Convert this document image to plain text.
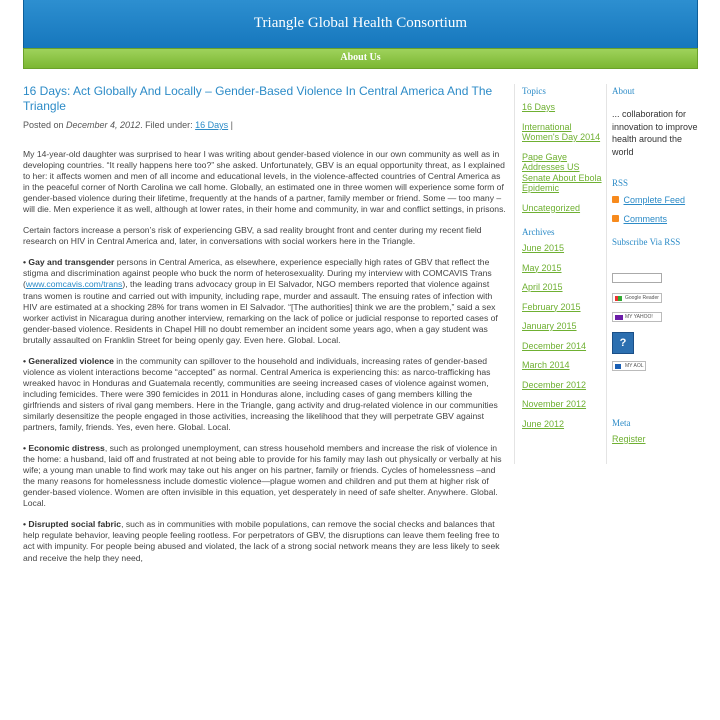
Triangle Global Health Consortium
About Us
16 Days: Act Globally And Locally – Gender-Based Violence In Central America And The Triangle
Posted on December 4, 2012. Filed under: 16 Days |

My 14-year-old daughter was surprised to hear I was writing about gender-based violence in our own community as well as in developing countries. “It really happens here too?” she asked. Unfortunately, GBV is an equal opportunity threat, as I explained to her: it affects women and men of all income and educational levels, in the violence-affected countries of Central America as in the peaceful corner of North Carolina we call home. Globally, an estimated one in three women will experience some form of gender-based violence during their lifetime, frequently at the hands of a partner, family member or friend. Some — too many –will die. Men experience it as well, although at lower rates, in their home and community, in war and conflict settings, in prisons.

Certain factors increase a person’s risk of experiencing GBV, a sad reality brought front and center during my recent field research on HIV in Central America and, later, in conversations with social workers here in the Triangle.

• Gay and transgender persons in Central America, as elsewhere, experience especially high rates of GBV that reflect the stigma and discrimination against people who buck the norm of heterosexuality. During my interview with COMCAVIS Trans (www.comcavis.com/trans), the leading trans advocacy group in El Salvador, NGO members reported that violence against trans women is routine and carried out with impunity, including rape, murder and assault. The ensuing rates of infection with HIV are estimated at a shocking 28% for trans women in El Salvador. “[The authorities] think we are the problem,” said a sex worker activist in Nicaragua during another interview, remarking on the lack of police or judicial response to reported cases of gender-based violence. Residents in Chapel Hill no doubt remember an incident some years ago, when a gay student was brutally assaulted on Franklin Street for being openly gay. Even here. Global. Local.

• Generalized violence in the community can spillover to the household and individuals, increasing rates of gender-based violence as violent interactions become “accepted” as normal. Central America is experiencing this: as narco-trafficking has wreaked havoc in Honduras and Guatemala recently, communities are seeing increased cases of violence against women, including femicides. There were 390 femicides in 2011 in Honduras alone, including cases of gang members killing the girlfriends and sisters of rival gang members. Here in the Triangle, gang activity and drug-related violence in our communities similarly desensitize the people engaged in those activities, increasing the likelihood that they will perpetrate GBV against partners, family, friends. Yes, even here. Global. Local.

• Economic distress, such as prolonged unemployment, can stress household members and increase the risk of violence in the home: a husband, laid off and frustrated at not being able to provide for his family may lash out physically or verbally at his wife; a young man unable to find work may take out his anger on his partner, family or friends. Cycles of homelessness –and the many reasons for homelessness include domestic violence—plague women and children and put them at higher risk of gender-based violence. Women are often invisible in this equation, yet desperately in need of safe shelter. Anywhere. Global. Local.

• Disrupted social fabric, such as in communities with mobile populations, can remove the social checks and balances that help regulate behavior, leaving people feeling rootless. For perpetrators of GBV, the disruptions can leave them feeling free to act with impunity. For people being abused and violated, the lack of a strong social network means they are less likely to seek and receive the help they need,

Topics
16 Days
International Women's Day 2014
Pape Gaye Addresses US Senate About Ebola Epidemic
Uncategorized
Archives
June 2015
May 2015
April 2015
February 2015
January 2015
December 2014
March 2014
December 2012
November 2012
June 2012
About
... collaboration for innovation to improve health around the world
RSS
Complete Feed
Comments
Subscribe Via RSS
Google Reader
MY YAHOO!
?
MY AOL
Meta
Register
